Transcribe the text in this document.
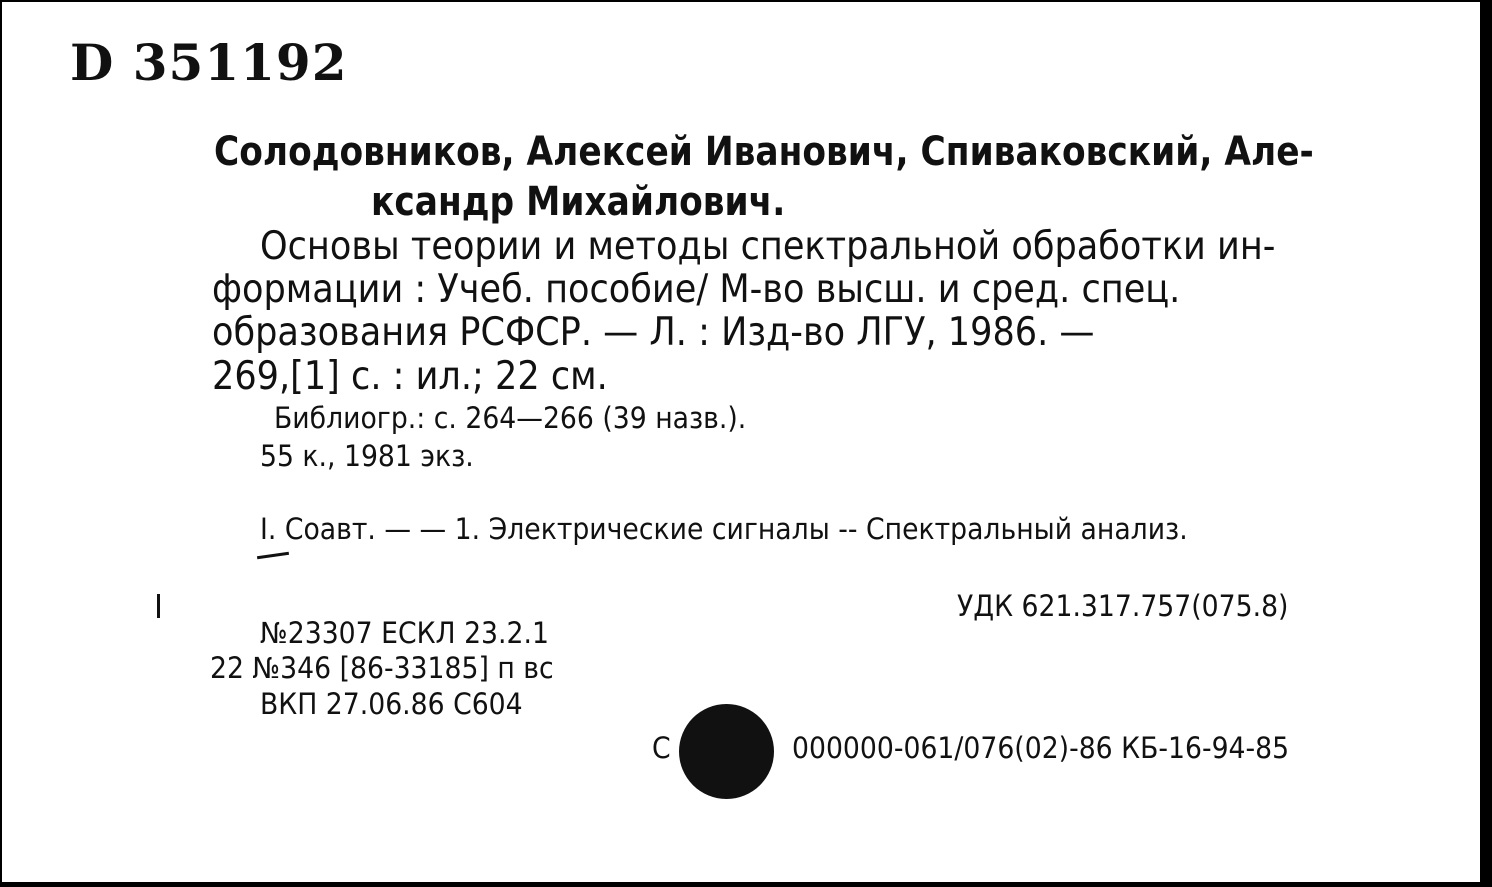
D 351192
Солодовников, Алексей Иванович, Спиваковский, Але-
ксандр Михайлович.
Основы теории и методы спектральной обработки ин-
формации : Учеб. пособие/ М-во высш. и сред. спец.
образования РСФСР. — Л. : Изд-во ЛГУ, 1986. —
269,[1] с. : ил.; 22 см.
Библиогр.: с. 264—266 (39 назв.).
55 к., 1981 экз.
I. Соавт. — — 1. Электрические сигналы -- Спектральный анализ.
УДК 621.317.757(075.8)
№23307 ЕСКЛ 23.2.1
22 №346 [86-33185] п вс
ВКП 27.06.86 С604
С	000000-061/076(02)-86 КБ-16-94-85
